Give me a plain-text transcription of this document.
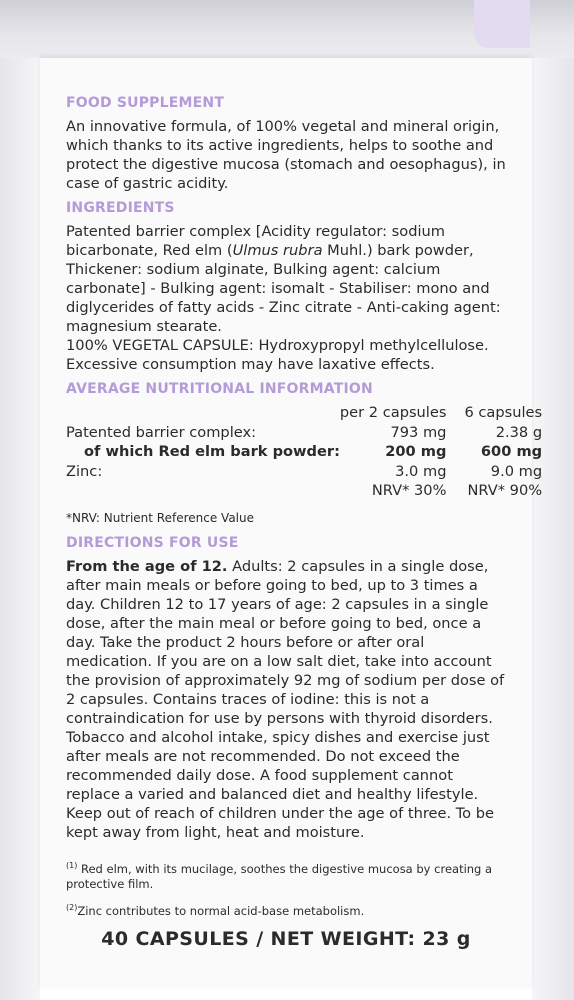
FOOD SUPPLEMENT

An innovative formula, of 100% vegetal and mineral origin, which thanks to its active ingredients, helps to soothe and protect the digestive mucosa (stomach and oesophagus), in case of gastric acidity.

INGREDIENTS

Patented barrier complex [Acidity regulator: sodium bicarbonate, Red elm (Ulmus rubra Muhl.) bark powder, Thickener: sodium alginate, Bulking agent: calcium carbonate] - Bulking agent: isomalt - Stabiliser: mono and diglycerides of fatty acids - Zinc citrate - Anti-caking agent: magnesium stearate.

100% VEGETAL CAPSULE: Hydroxypropyl methylcellulose.

Excessive consumption may have laxative effects.

AVERAGE NUTRITIONAL INFORMATION
	per 2 capsules	6 capsules
Patented barrier complex:	793 mg	2.38 g
of which Red elm bark powder:	200 mg	600 mg
Zinc:	3.0 mg	9.0 mg
	NRV* 30%	NRV* 90%
*NRV: Nutrient Reference Value
DIRECTIONS FOR USE

From the age of 12. Adults: 2 capsules in a single dose, after main meals or before going to bed, up to 3 times a day. Children 12 to 17 years of age: 2 capsules in a single dose, after the main meal or before going to bed, once a day. Take the product 2 hours before or after oral medication. If you are on a low salt diet, take into account the provision of approximately 92 mg of sodium per dose of 2 capsules. Contains traces of iodine: this is not a contraindication for use by persons with thyroid disorders. Tobacco and alcohol intake, spicy dishes and exercise just after meals are not recommended. Do not exceed the recommended daily dose. A food supplement cannot replace a varied and balanced diet and healthy lifestyle. Keep out of reach of children under the age of three. To be kept away from light, heat and moisture.

$^{(1)}$ Red elm, with its mucilage, soothes the digestive mucosa by creating a protective film.

$^{(2)}$Zinc contributes to normal acid-base metabolism.

40 CAPSULES / NET WEIGHT: 23 g
